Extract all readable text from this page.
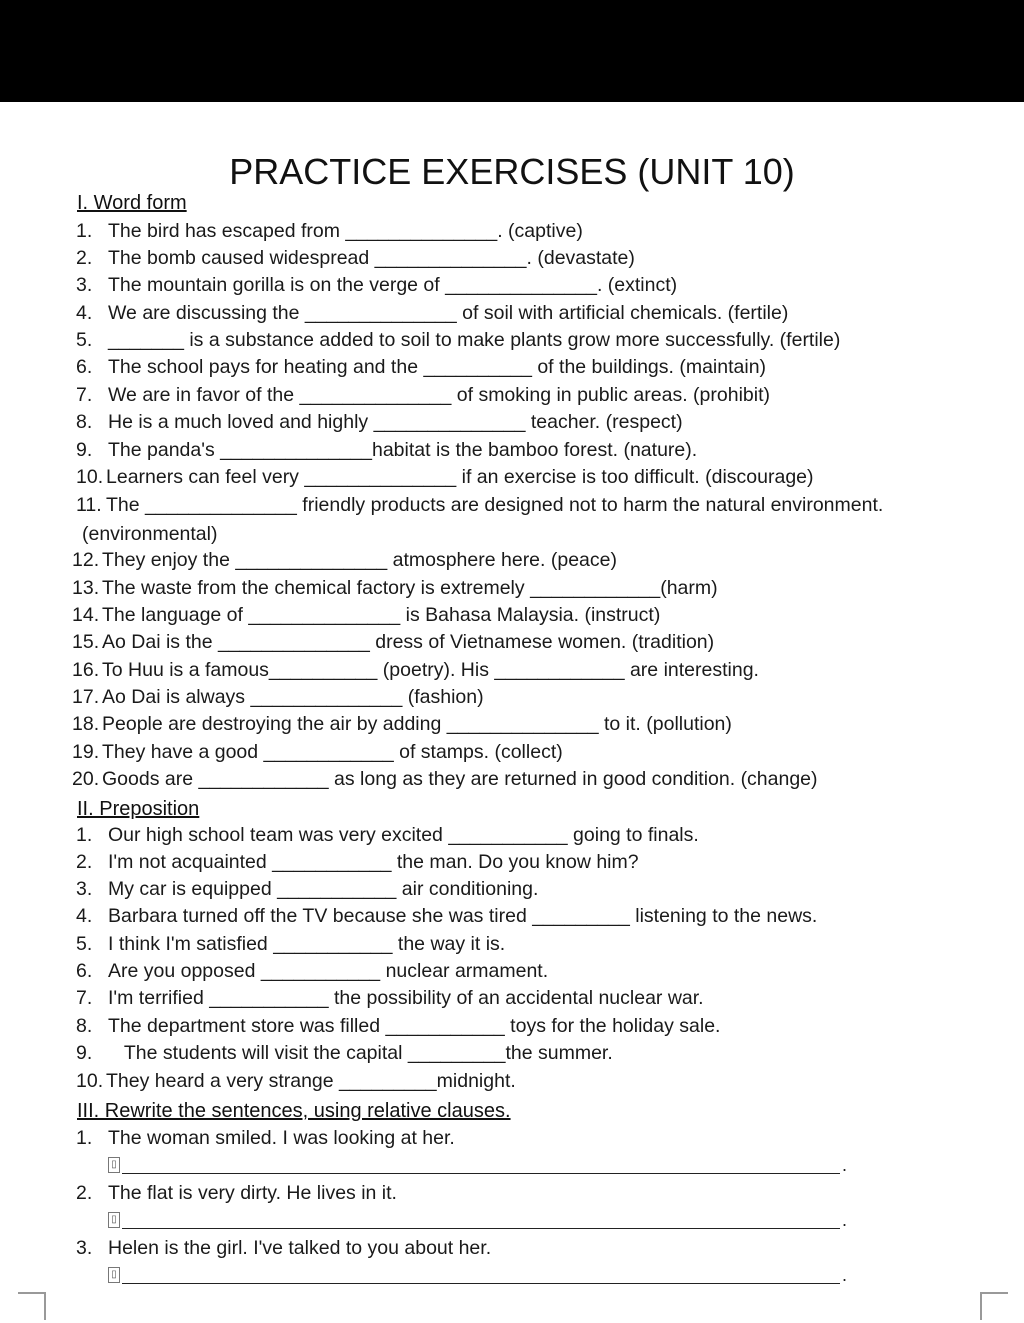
PRACTICE EXERCISES (UNIT 10)
I. Word form
1. The bird has escaped from ______________. (captive)
2. The bomb caused widespread ______________. (devastate)
3. The mountain gorilla is on the verge of ______________. (extinct)
4. We are discussing the ______________ of soil with artificial chemicals. (fertile)
5. _______ is a substance added to soil to make plants grow more successfully. (fertile)
6. The school pays for heating and the __________ of the buildings. (maintain)
7. We are in favor of the ______________ of smoking in public areas. (prohibit)
8. He is a much loved and highly ______________ teacher. (respect)
9. The panda's ______________habitat is the bamboo forest. (nature).
10. Learners can feel very ______________ if an exercise is too difficult. (discourage)
11. The ______________ friendly products are designed not to harm the natural environment.
12. They enjoy the ______________ atmosphere here. (peace)
13. The waste from the chemical factory is extremely ____________(harm)
14. The language of ______________ is Bahasa Malaysia. (instruct)
15. Ao Dai is the ______________ dress of Vietnamese women. (tradition)
16. To Huu is a famous__________ (poetry). His ____________ are interesting.
17. Ao Dai is always ______________ (fashion)
18. People are destroying the air by adding ______________ to it. (pollution)
19. They have a good ____________ of stamps. (collect)
20. Goods are ____________ as long as they are returned in good condition. (change)
(environmental)
II. Preposition
1. Our high school team was very excited ___________ going to finals.
2. I'm not acquainted ___________ the man. Do you know him?
3. My car is equipped ___________ air conditioning.
4. Barbara turned off the TV because she was tired _________ listening to the news.
5. I think I'm satisfied ___________ the way it is.
6. Are you opposed ___________ nuclear armament.
7. I'm terrified ___________ the possibility of an accidental nuclear war.
8. The department store was filled ___________ toys for the holiday sale.
9.   The students will visit the capital _________the summer.
10. They heard a very strange _________midnight.
III. Rewrite the sentences, using relative clauses.
1. The woman smiled. I was looking at her.
▯	.
2. The flat is very dirty. He lives in it.
▯	.
3. Helen is the girl. I've talked to you about her.
▯	.
